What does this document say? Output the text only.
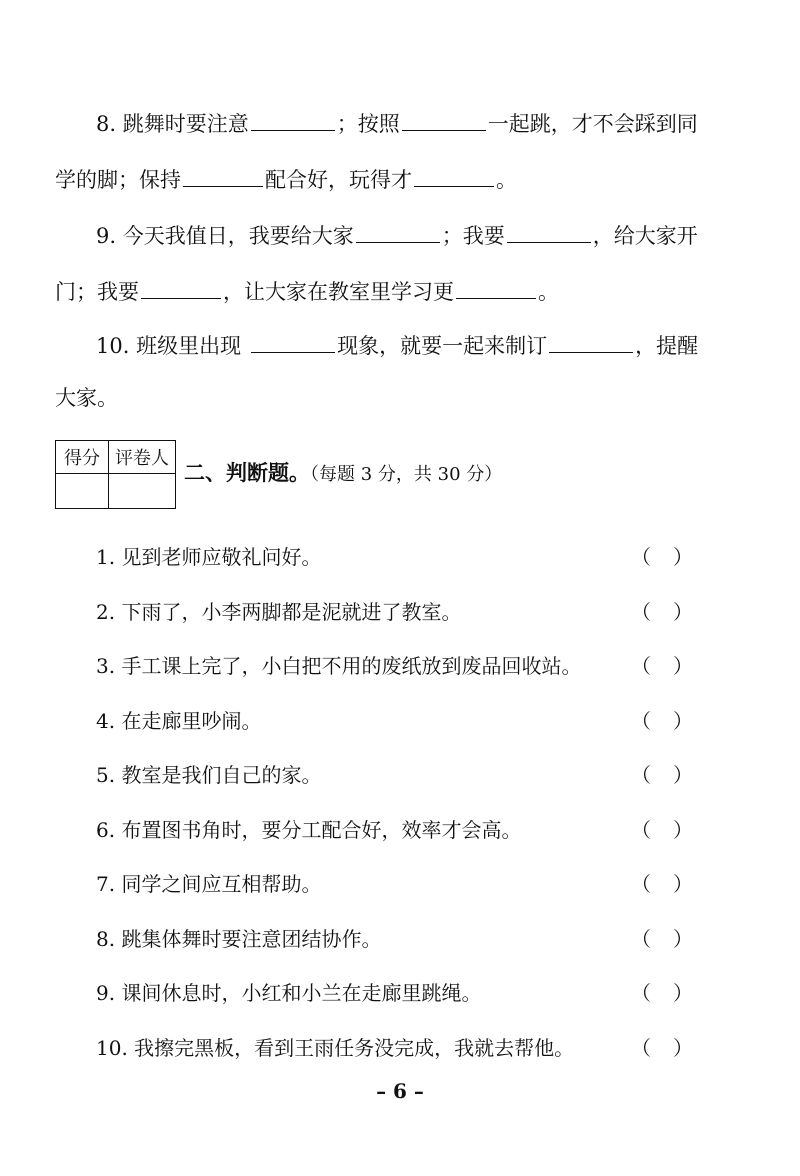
8. 跳舞时要注意	；按照	一起跳，才不会踩到同
学的脚；保持	配合好，玩得才	。
9. 今天我值日，我要给大家	；我要	，给大家开
门；我要	，让大家在教室里学习更	。
10. 班级里出现	现象，就要一起来制订	，提醒
大家。
得分	评卷人

二、判断题。（每题 3 分，共 30 分）
1. 见到老师应敬礼问好。	（ ）
2. 下雨了，小李两脚都是泥就进了教室。	（ ）
3. 手工课上完了，小白把不用的废纸放到废品回收站。 （ ）
4. 在走廊里吵闹。	（ ）
5. 教室是我们自己的家。	（ ）
6. 布置图书角时，要分工配合好，效率才会高。	（ ）
7. 同学之间应互相帮助。	（ ）
8. 跳集体舞时要注意团结协作。	（ ）
9. 课间休息时，小红和小兰在走廊里跳绳。	（ ）
10. 我擦完黑板，看到王雨任务没完成，我就去帮他。	（ ）
– 6 –
